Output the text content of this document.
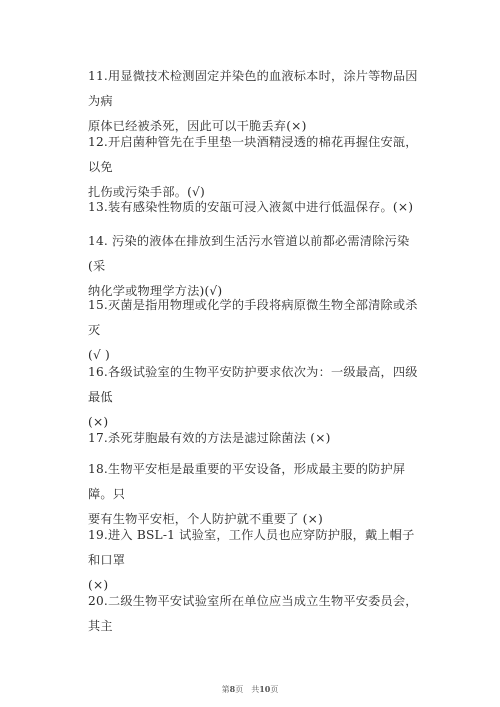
11.用显微技术检测固定并染色的血液标本时，涂片等物品因为病
原体已经被杀死，因此可以干脆丢弃(×)
12.开启菌种管先在手里垫一块酒精浸透的棉花再握住安瓿，以免
扎伤或污染手部。(√)
13.装有感染性物质的安瓿可浸入液氮中进行低温保存。(×)
14. 污染的液体在排放到生活污水管道以前都必需清除污染(采
纳化学或物理学方法)(√)
15.灭菌是指用物理或化学的手段将病原微生物全部清除或杀灭
(√ )
16.各级试验室的生物平安防护要求依次为：一级最高，四级最低
(×)
17.杀死芽胞最有效的方法是滤过除菌法 (×)
18.生物平安柜是最重要的平安设备，形成最主要的防护屏障。只
要有生物平安柜，个人防护就不重要了 (×)
19.进入 BSL-1 试验室，工作人员也应穿防护服，戴上帽子和口罩
(×)
20.二级生物平安试验室所在单位应当成立生物平安委员会，其主
第8页　共10页
